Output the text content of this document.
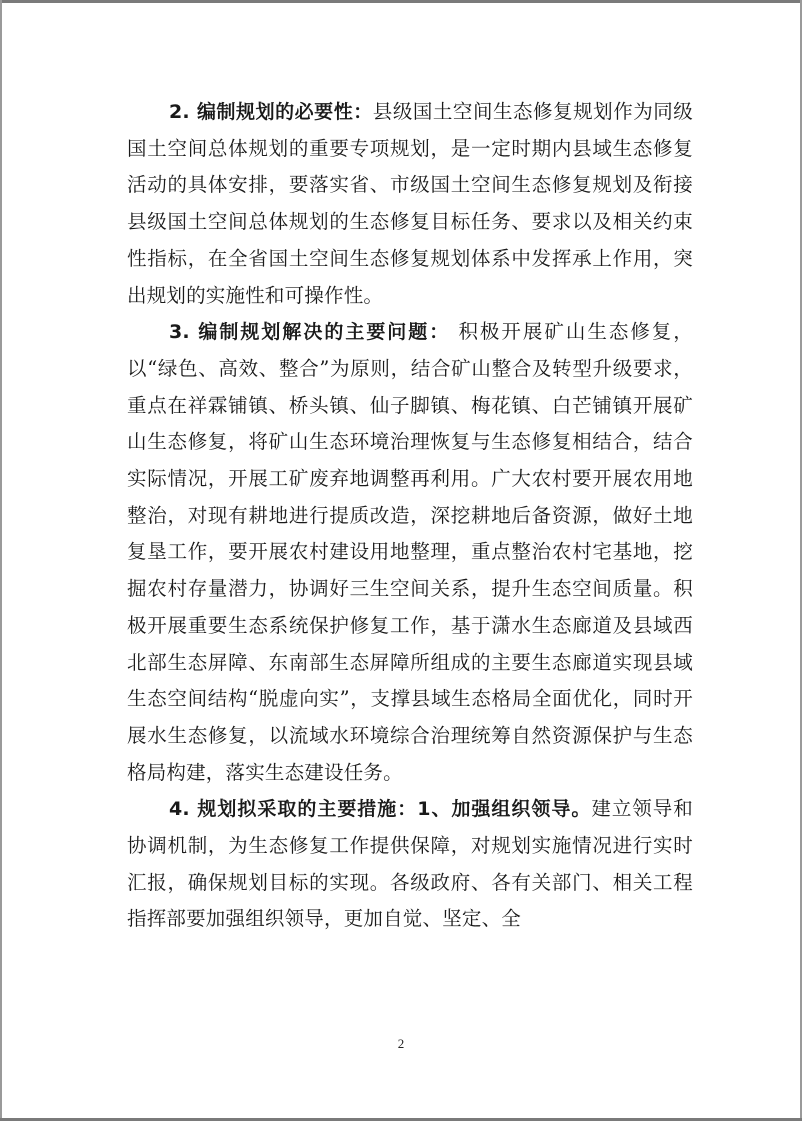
2. 编制规划的必要性：县级国土空间生态修复规划作为同级国土空间总体规划的重要专项规划，是一定时期内县域生态修复活动的具体安排，要落实省、市级国土空间生态修复规划及衔接县级国土空间总体规划的生态修复目标任务、要求以及相关约束性指标，在全省国土空间生态修复规划体系中发挥承上作用，突出规划的实施性和可操作性。

3. 编制规划解决的主要问题： 积极开展矿山生态修复，以“绿色、高效、整合”为原则，结合矿山整合及转型升级要求，重点在祥霖铺镇、桥头镇、仙子脚镇、梅花镇、白芒铺镇开展矿山生态修复，将矿山生态环境治理恢复与生态修复相结合，结合实际情况，开展工矿废弃地调整再利用。广大农村要开展农用地整治，对现有耕地进行提质改造，深挖耕地后备资源，做好土地复垦工作，要开展农村建设用地整理，重点整治农村宅基地，挖掘农村存量潜力，协调好三生空间关系，提升生态空间质量。积极开展重要生态系统保护修复工作，基于潇水生态廊道及县域西北部生态屏障、东南部生态屏障所组成的主要生态廊道实现县域生态空间结构“脱虚向实”，支撑县域生态格局全面优化，同时开展水生态修复，以流域水环境综合治理统筹自然资源保护与生态格局构建，落实生态建设任务。

4. 规划拟采取的主要措施：1、加强组织领导。建立领导和协调机制，为生态修复工作提供保障，对规划实施情况进行实时汇报，确保规划目标的实现。各级政府、各有关部门、相关工程指挥部要加强组织领导，更加自觉、坚定、全

2
